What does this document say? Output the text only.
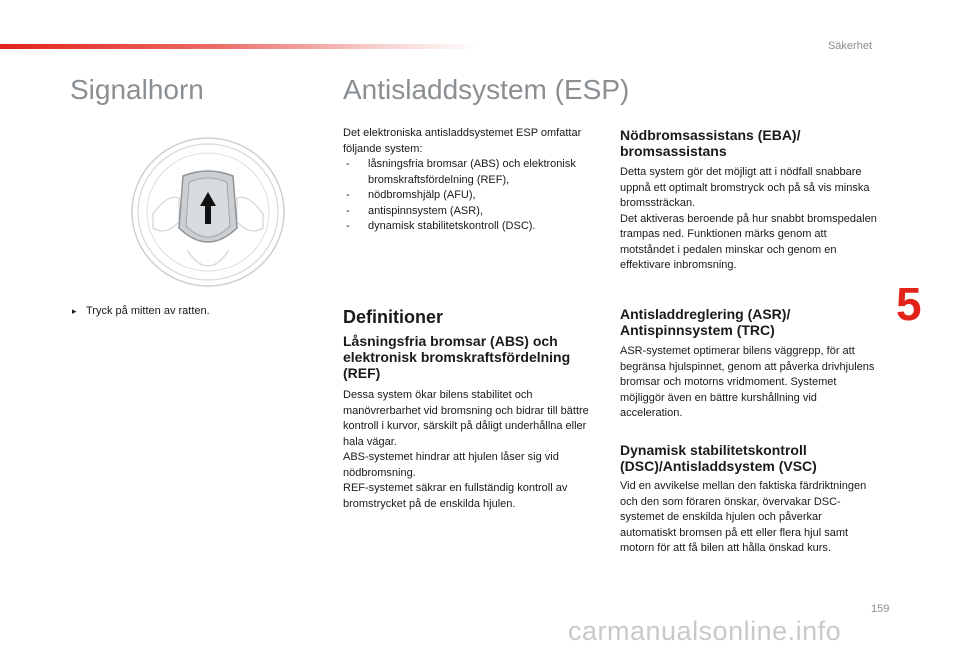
Säkerhet
Signalhorn	Antisladdsystem (ESP)
▸ Tryck på mitten av ratten.

Det elektroniska antisladdsystemet ESP omfattar följande system:

- låsningsfria bromsar (ABS) och elektronisk bromskraftsfördelning (REF),
- nödbromshjälp (AFU),
- antispinnsystem (ASR),
- dynamisk stabilitetskontroll (DSC).
Definitioner
Låsningsfria bromsar (ABS) och elektronisk bromskraftsfördelning (REF)

Dessa system ökar bilens stabilitet och manövrerbarhet vid bromsning och bidrar till bättre kontroll i kurvor, särskilt på dåligt underhållna eller hala vägar.

ABS-systemet hindrar att hjulen låser sig vid nödbromsning.

REF-systemet säkrar en fullständig kontroll av bromstrycket på de enskilda hjulen.

Nödbromsassistans (EBA)/ bromsassistans

Detta system gör det möjligt att i nödfall snabbare uppnå ett optimalt bromstryck och på så vis minska bromssträckan.

Det aktiveras beroende på hur snabbt bromspedalen trampas ned. Funktionen märks genom att motståndet i pedalen minskar och genom en effektivare inbromsning.

Antisladdreglering (ASR)/ Antispinnsystem (TRC)

ASR-systemet optimerar bilens väggrepp, för att begränsa hjulspinnet, genom att påverka drivhjulens bromsar och motorns vridmoment. Systemet möjliggör även en bättre kurshållning vid acceleration.

Dynamisk stabilitetskontroll (DSC)/Antisladdsystem (VSC)

Vid en avvikelse mellan den faktiska färdriktningen och den som föraren önskar, övervakar DSC-systemet de enskilda hjulen och påverkar automatiskt bromsen på ett eller flera hjul samt motorn för att få bilen att hålla önskad kurs.

5
159
carmanualsonline.info
